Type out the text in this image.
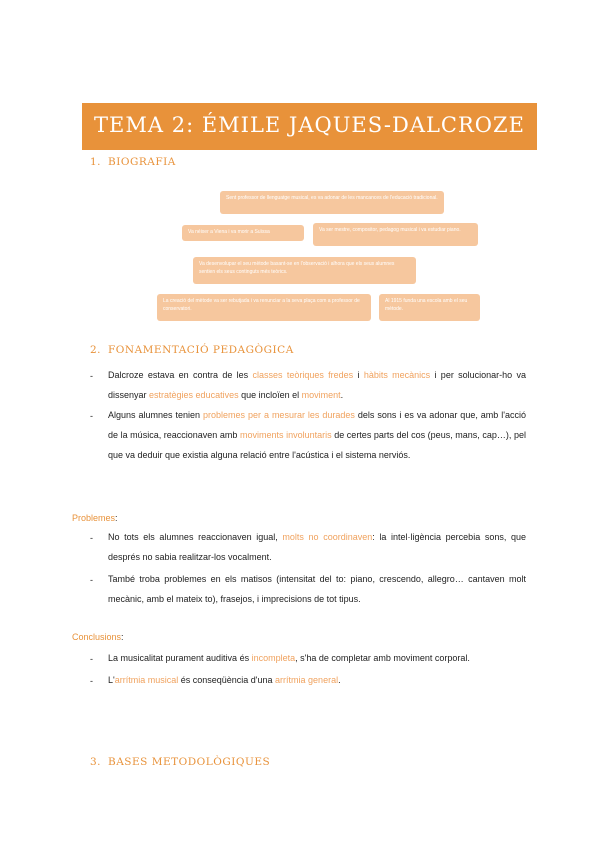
TEMA 2: ÉMILE JAQUES-DALCROZE
1. BIOGRAFIA
Sent professor de llenguatge musical, es va adonar de les mancances de l'educació tradicional.
Va néixer a Viena i va morir a Suïssa	Va ser mestre, compositor, pedagog musical i va estudiar piano.
Va desenvolupar el seu mètode basant-se en l'observació i alhora que els seus alumnes sentien els seus continguts més teòrics.
La creació del mètode va ser rebutjada i va renunciar a la seva plaça com a professor de conservatori.
Al 1915 funda una escola amb el seu mètode.
2. FONAMENTACIÓ PEDAGÒGICA
- Dalcroze estava en contra de les classes teòriques fredes i hàbits mecànics i per solucionar-ho va dissenyar estratègies educatives que incloïen el moviment.
- Alguns alumnes tenien problemes per a mesurar les durades dels sons i es va adonar que, amb l'acció de la música, reaccionaven amb moviments involuntaris de certes parts del cos (peus, mans, cap…), pel que va deduir que existia alguna relació entre l'acústica i el sistema nerviós.
Problemes:
- No tots els alumnes reaccionaven igual, molts no coordinaven: la intel·ligència percebia sons, que després no sabia realitzar-los vocalment.
- També troba problemes en els matisos (intensitat del to: piano, crescendo, allegro… cantaven molt mecànic, amb el mateix to), frasejos, i imprecisions de tot tipus.
Conclusions:
- La musicalitat purament auditiva és incompleta, s'ha de completar amb moviment corporal.
- L'arrítmia musical és conseqüència d'una arrítmia general.
3. BASES METODOLÒGIQUES
